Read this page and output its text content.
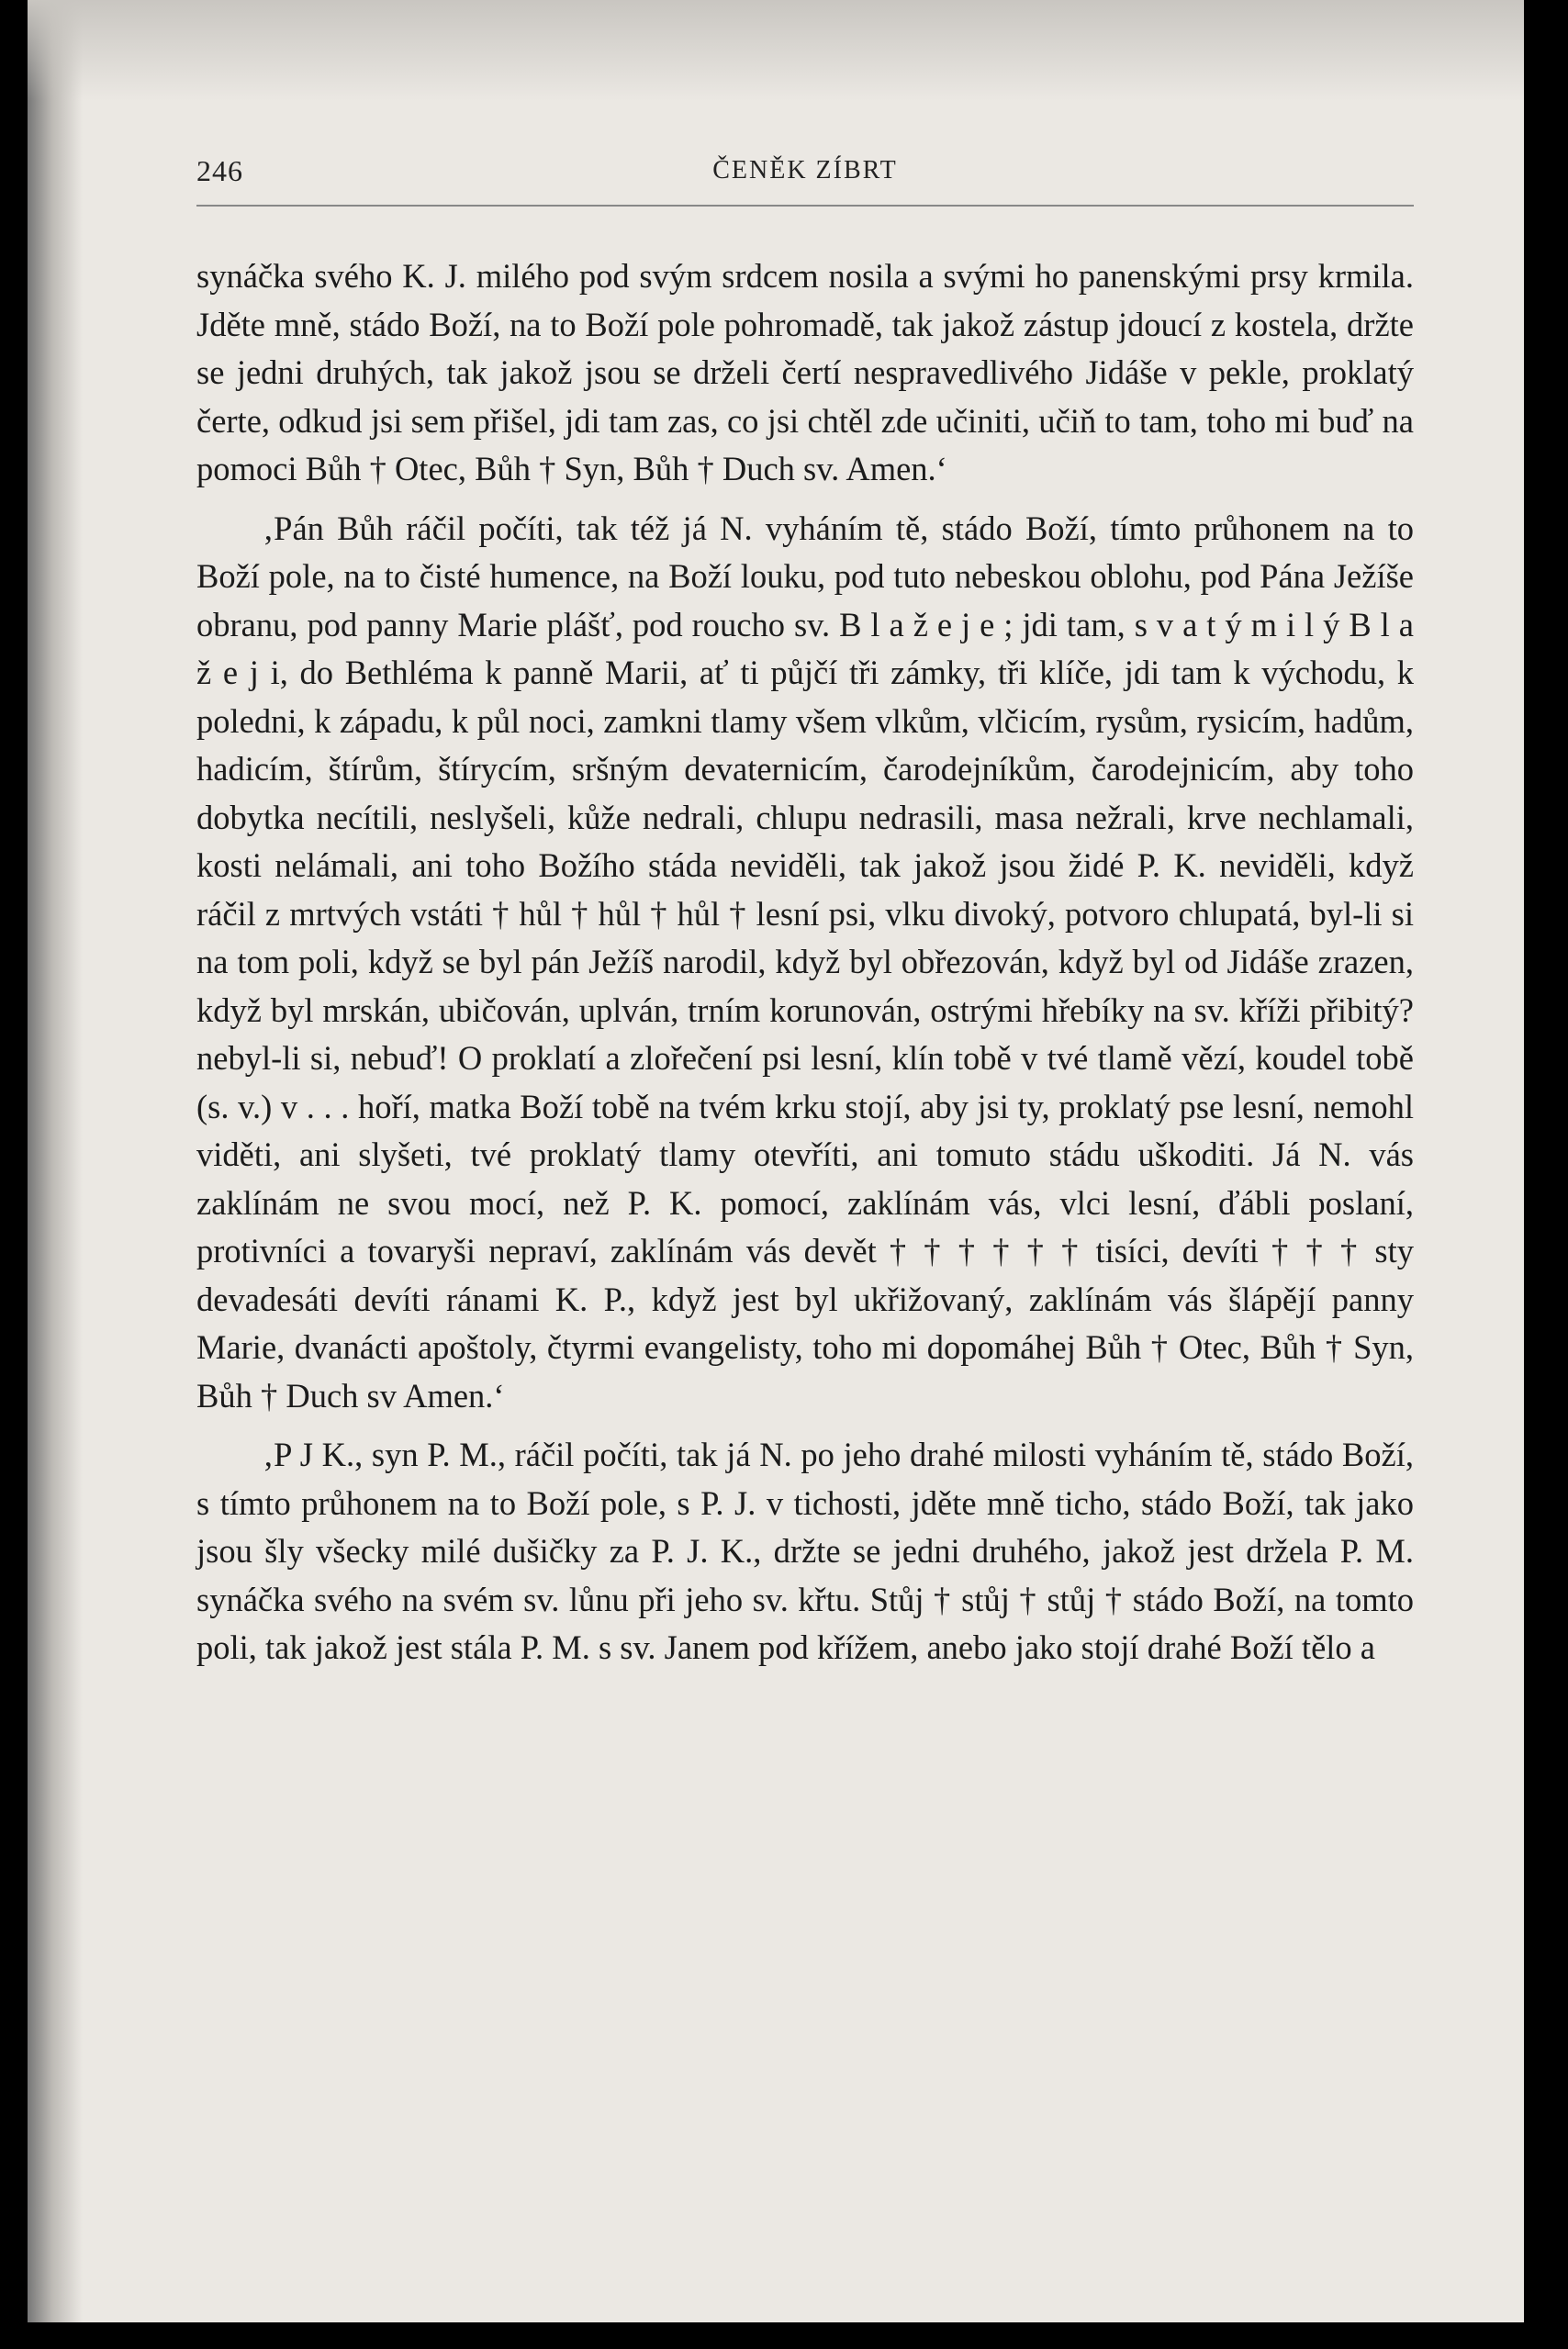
246	ČENĚK ZÍBRT

synáčka svého K. J. milého pod svým srdcem nosila a svými ho panenskými prsy krmila. Jděte mně, stádo Boží, na to Boží pole pohromadě, tak jakož zástup jdoucí z kostela, držte se jedni druhých, tak jakož jsou se drželi čertí nespravedlivého Jidáše v pekle, proklatý čerte, odkud jsi sem přišel, jdi tam zas, co jsi chtěl zde učiniti, učiň to tam, toho mi buď na pomoci Bůh † Otec, Bůh † Syn, Bůh † Duch sv. Amen.‘

‚Pán Bůh ráčil počíti, tak též já N. vyháním tě, stádo Boží, tímto průhonem na to Boží pole, na to čisté humence, na Boží louku, pod tuto nebeskou oblohu, pod Pána Ježíše obranu, pod panny Marie plášť, pod roucho sv. B l a ž e j e ; jdi tam, s v a t ý m i l ý B l a ž e j i, do Bethléma k panně Marii, ať ti půjčí tři zámky, tři klíče, jdi tam k východu, k poledni, k západu, k půl noci, zamkni tlamy všem vlkům, vlčicím, rysům, rysicím, hadům, hadicím, štírům, štírycím, sršným devaternicím, čarodejníkům, čarodejnicím, aby toho dobytka necítili, neslyšeli, kůže nedrali, chlupu nedrasili, masa nežrali, krve nechlamali, kosti nelámali, ani toho Božího stáda neviděli, tak jakož jsou židé P. K. neviděli, když ráčil z mrtvých vstáti † hůl † hůl † hůl † lesní psi, vlku divoký, potvoro chlupatá, byl-li si na tom poli, když se byl pán Ježíš narodil, když byl obřezován, když byl od Jidáše zrazen, když byl mrskán, ubičován, uplván, trním korunován, ostrými hřebíky na sv. kříži přibitý? nebyl-li si, nebuď! O proklatí a zlořečení psi lesní, klín tobě v tvé tlamě vězí, koudel tobě (s. v.) v . . . hoří, matka Boží tobě na tvém krku stojí, aby jsi ty, proklatý pse lesní, nemohl viděti, ani slyšeti, tvé proklatý tlamy otevříti, ani tomuto stádu uškoditi. Já N. vás zaklínám ne svou mocí, než P. K. pomocí, zaklínám vás, vlci lesní, ďábli poslaní, protivníci a tovaryši nepraví, zaklínám vás devět † † † † † † tisíci, devíti † † † sty devadesáti devíti ránami K. P., když jest byl ukřižovaný, zaklínám vás šlápějí panny Marie, dvanácti apoštoly, čtyrmi evangelisty, toho mi dopomáhej Bůh † Otec, Bůh † Syn, Bůh † Duch sv Amen.‘

‚P J K., syn P. M., ráčil počíti, tak já N. po jeho drahé milosti vyháním tě, stádo Boží, s tímto průhonem na to Boží pole, s P. J. v tichosti, jděte mně ticho, stádo Boží, tak jako jsou šly všecky milé dušičky za P. J. K., držte se jedni druhého, jakož jest držela P. M. synáčka svého na svém sv. lůnu při jeho sv. křtu. Stůj † stůj † stůj † stádo Boží, na tomto poli, tak jakož jest stála P. M. s sv. Janem pod křížem, anebo jako stojí drahé Boží tělo a
